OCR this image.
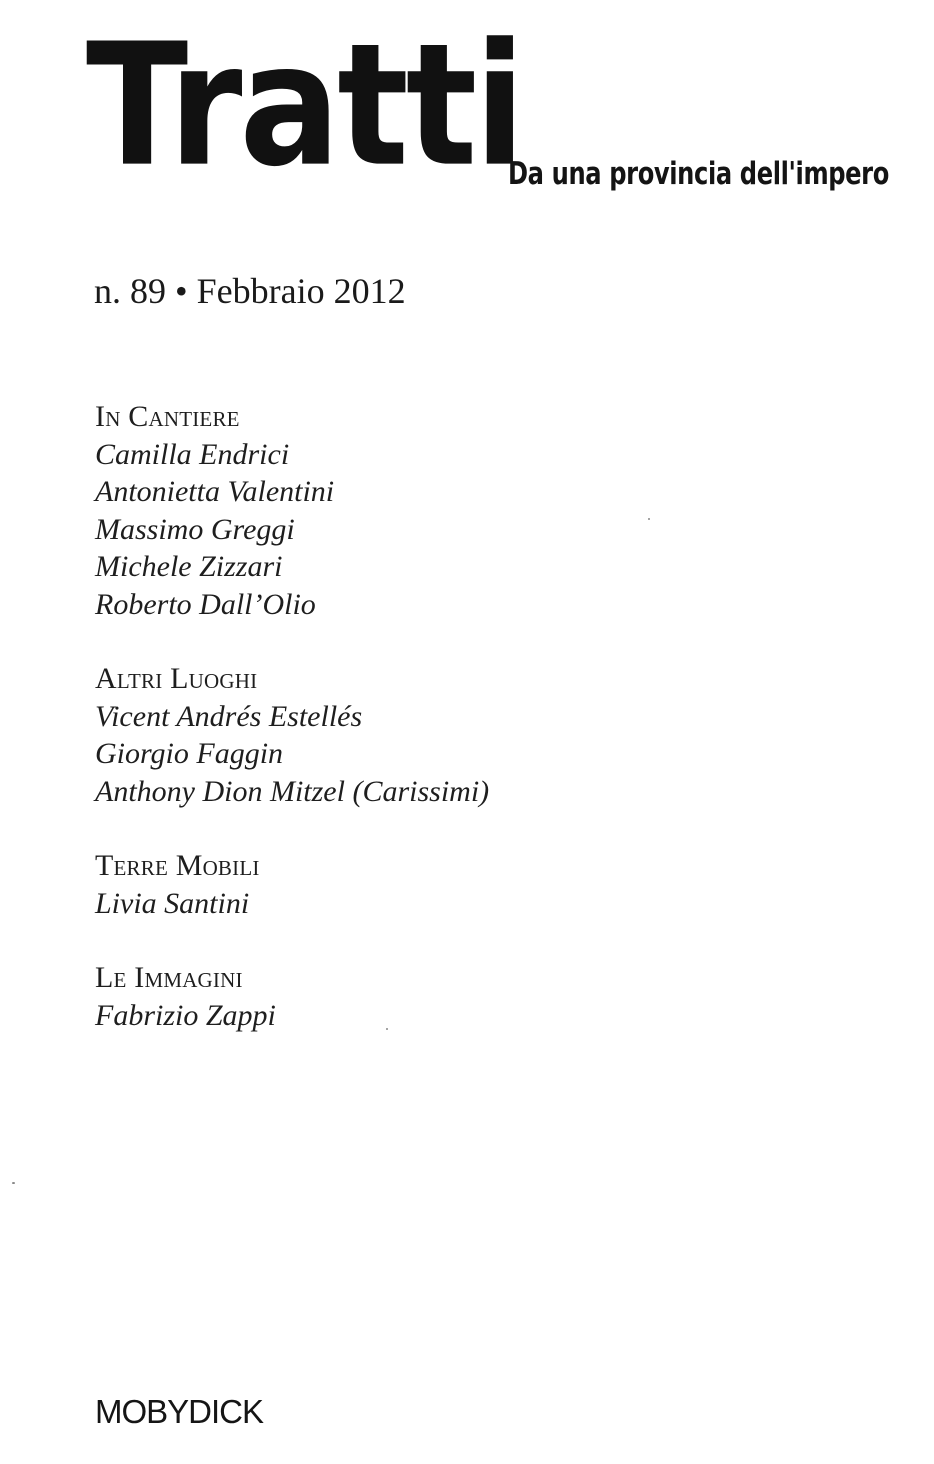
Tratti
Da una provincia dell'impero
n. 89 • Febbraio 2012
In Cantiere
Camilla Endrici
Antonietta Valentini
Massimo Greggi
Michele Zizzari
Roberto Dall’Olio
Altri Luoghi
Vicent Andrés Estellés
Giorgio Faggin
Anthony Dion Mitzel (Carissimi)
Terre Mobili
Livia Santini
Le Immagini
Fabrizio Zappi
MOBYDICK
